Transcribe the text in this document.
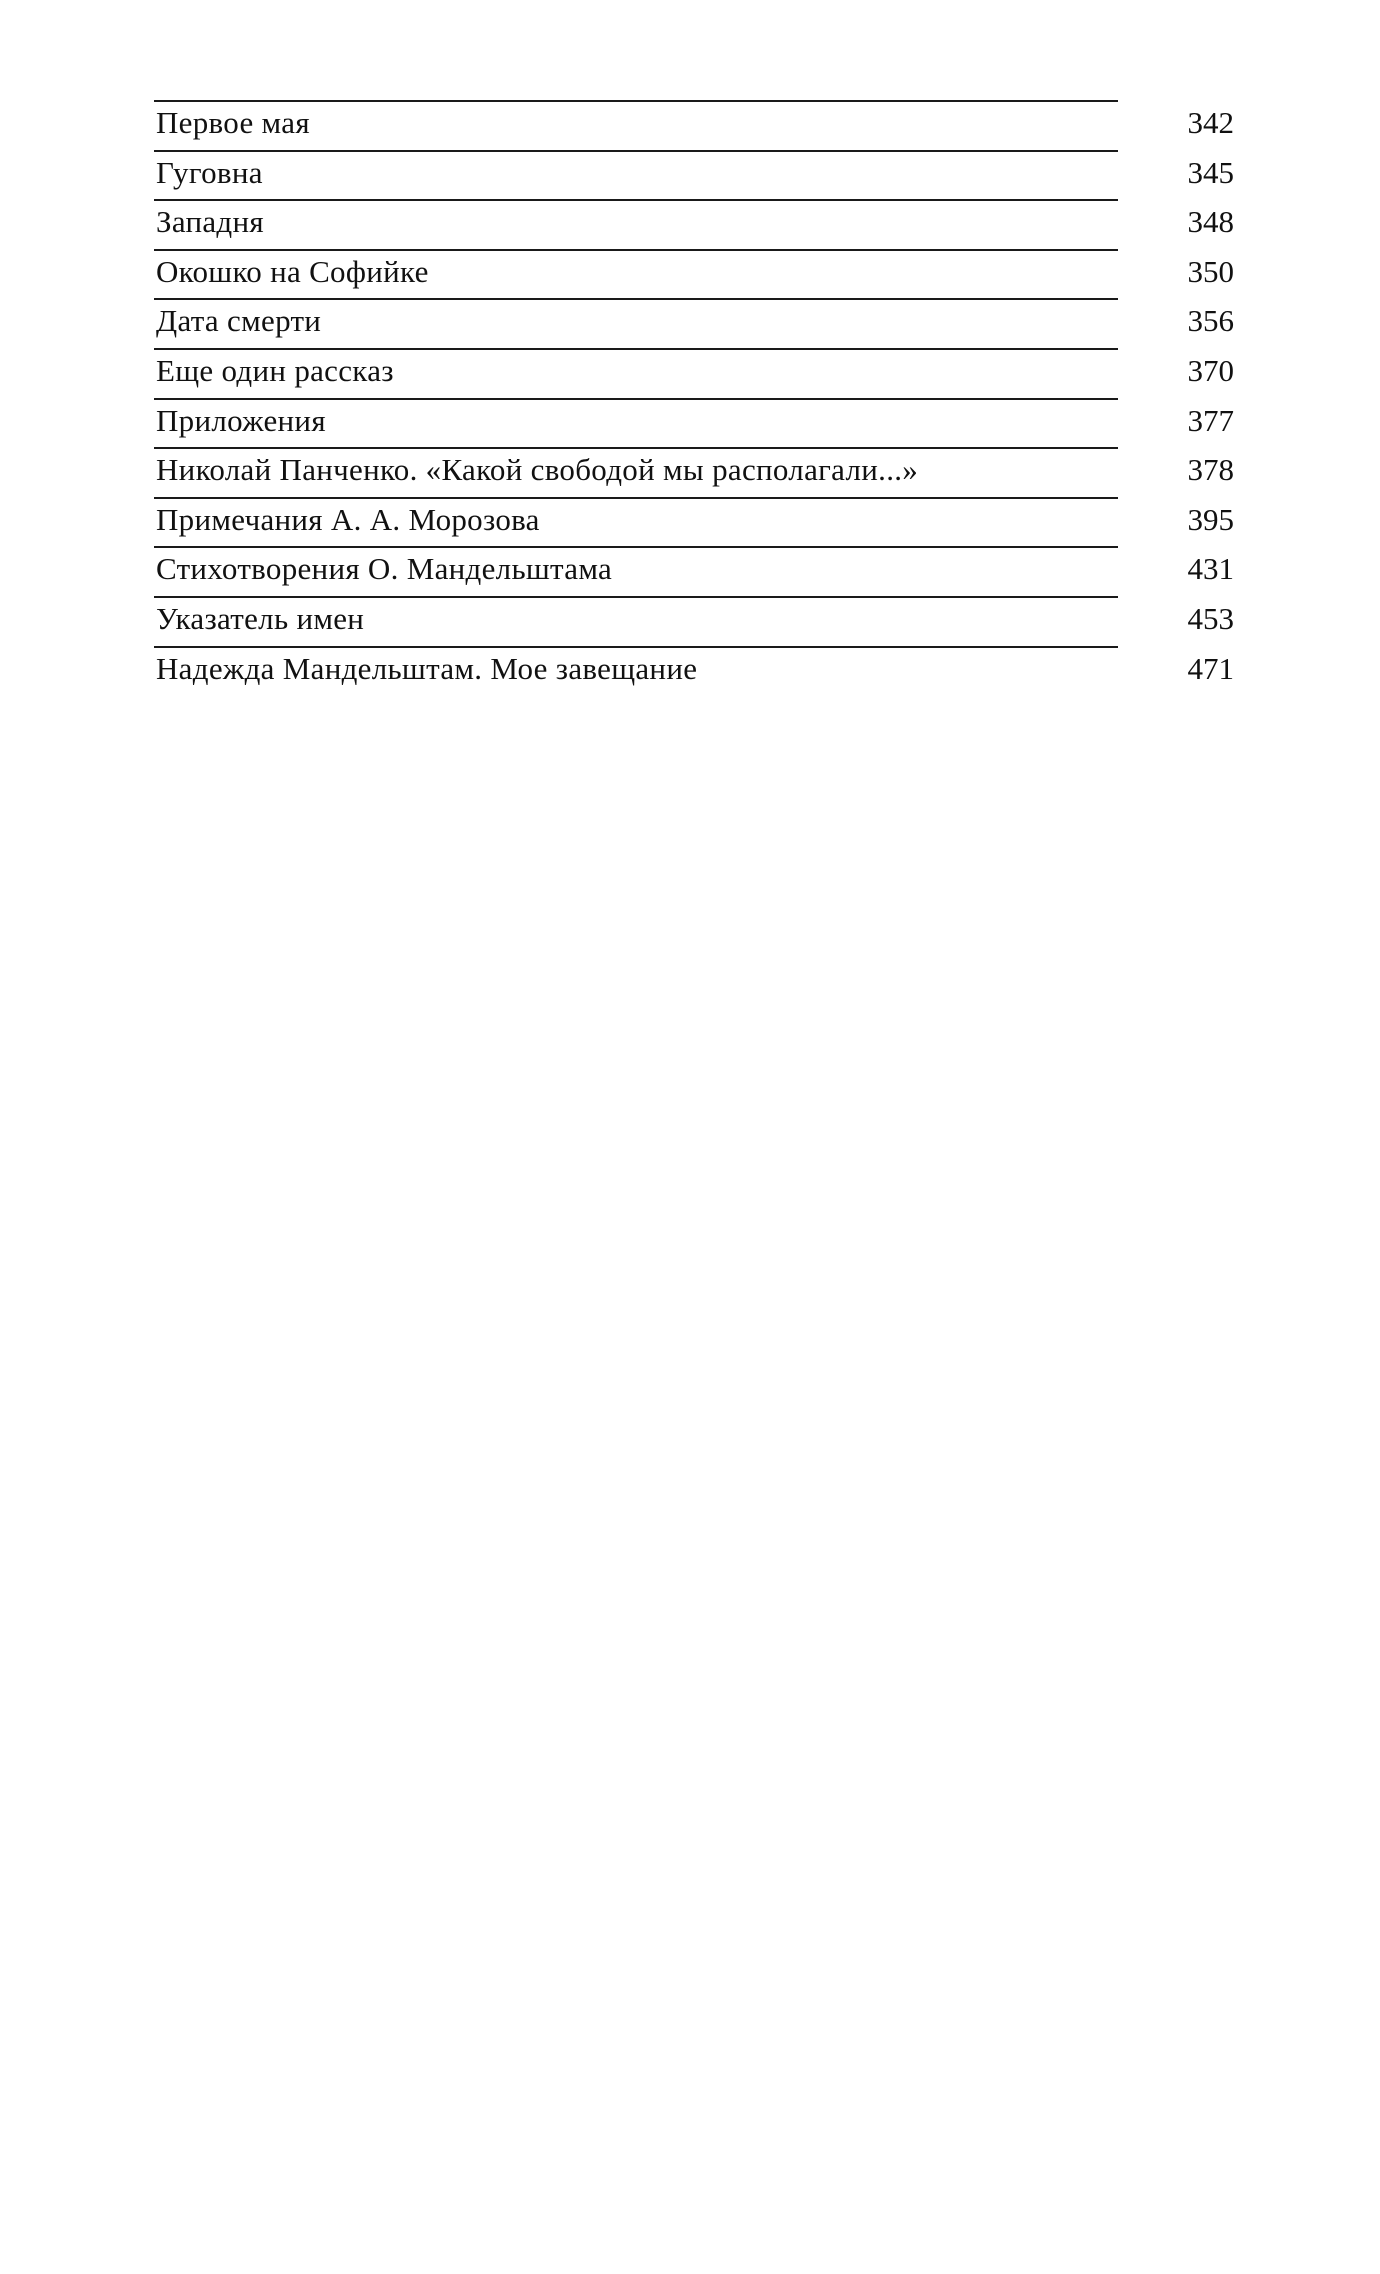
Первое мая	342
Гуговна	345
Западня	348
Окошко на Софийке	350
Дата смерти	356
Еще один рассказ	370
Приложения	377
Николай Панченко. «Какой свободой мы располагали...»	378
Примечания А. А. Морозова	395
Стихотворения О. Мандельштама	431
Указатель имен	453
Надежда Мандельштам. Мое завещание	471
